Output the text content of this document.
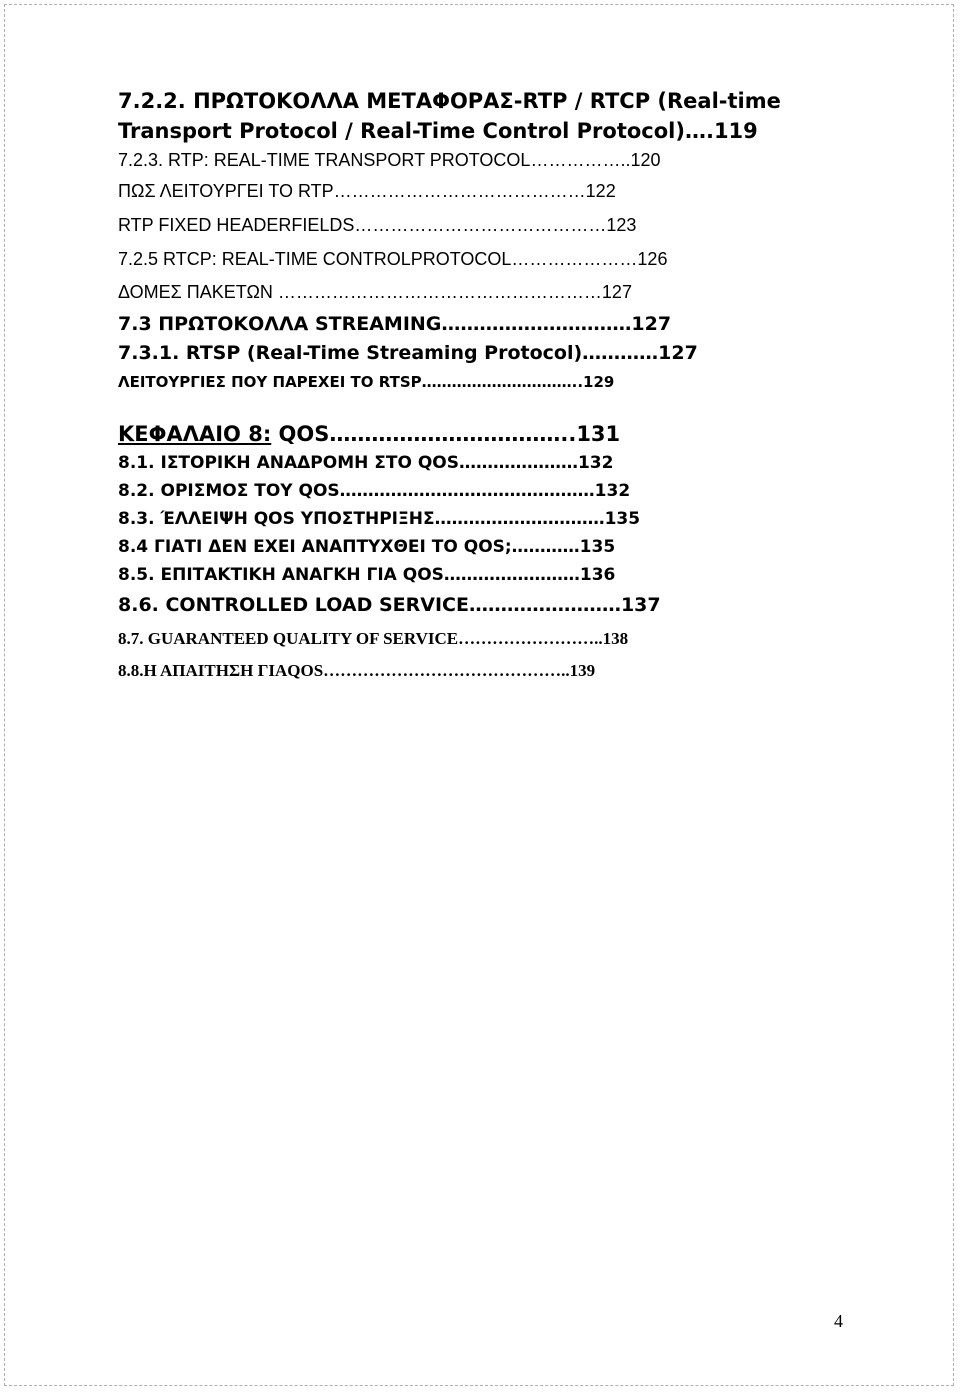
7.2.2. ΠΡΩΤΟΚΟΛΛΑ ΜΕΤΑΦΟΡΑΣ-RTP / RTCP (Real-time
Transport Protocol / Real-Time Control Protocol)….119
7.2.3. RTP: REAL-TIME TRANSPORT PROTOCOL……………..120
ΠΩΣ ΛΕΙΤΟΥΡΓΕΙ ΤΟ RTP……………………………………122
RTP FIXED HEADERFIELDS……………………………………123
7.2.5 RTCP: REAL-TIME CONTROLPROTOCOL…………………126
ΔΟΜΕΣ ΠΑΚΕΤΩΝ ………………………………………………127
7.3 ΠΡΩΤΟΚΟΛΛΑ STREAMING…………………………127
7.3.1. RTSP (Real-Time Streaming Protocol)…………127
ΛΕΙΤΟΥΡΓΙΕΣ ΠΟΥ ΠΑΡΕΧΕΙ ΤΟ RTSP…………………………..129
ΚΕΦΑΛΑΙΟ 8: QOS……………………………..131
8.1. ΙΣΤΟΡΙΚΗ ΑΝΑΔΡΟΜΗ ΣΤΟ QOS…………………132
8.2. ΟΡΙΣΜΟΣ ΤΟΥ QOS………………………………………132
8.3. ΈΛΛΕΙΨΗ QOS ΥΠΟΣΤΗΡΙΞΗΣ…………………………135
8.4 ΓΙΑΤΙ ΔΕΝ ΕΧΕΙ ΑΝΑΠΤΥΧΘΕΙ ΤΟ QOS;…………135
8.5. ΕΠΙΤΑΚΤΙΚΗ ΑΝΑΓΚΗ ΓΙΑ QOS……………………136
8.6. CONTROLLED LOAD SERVICE……………………137
8.7. GUARANTEED QUALITY OF SERVICE……………………..138
8.8.Η ΑΠΑΙΤΗΣΗ ΓΙΑQOS……………………………………..139
4
